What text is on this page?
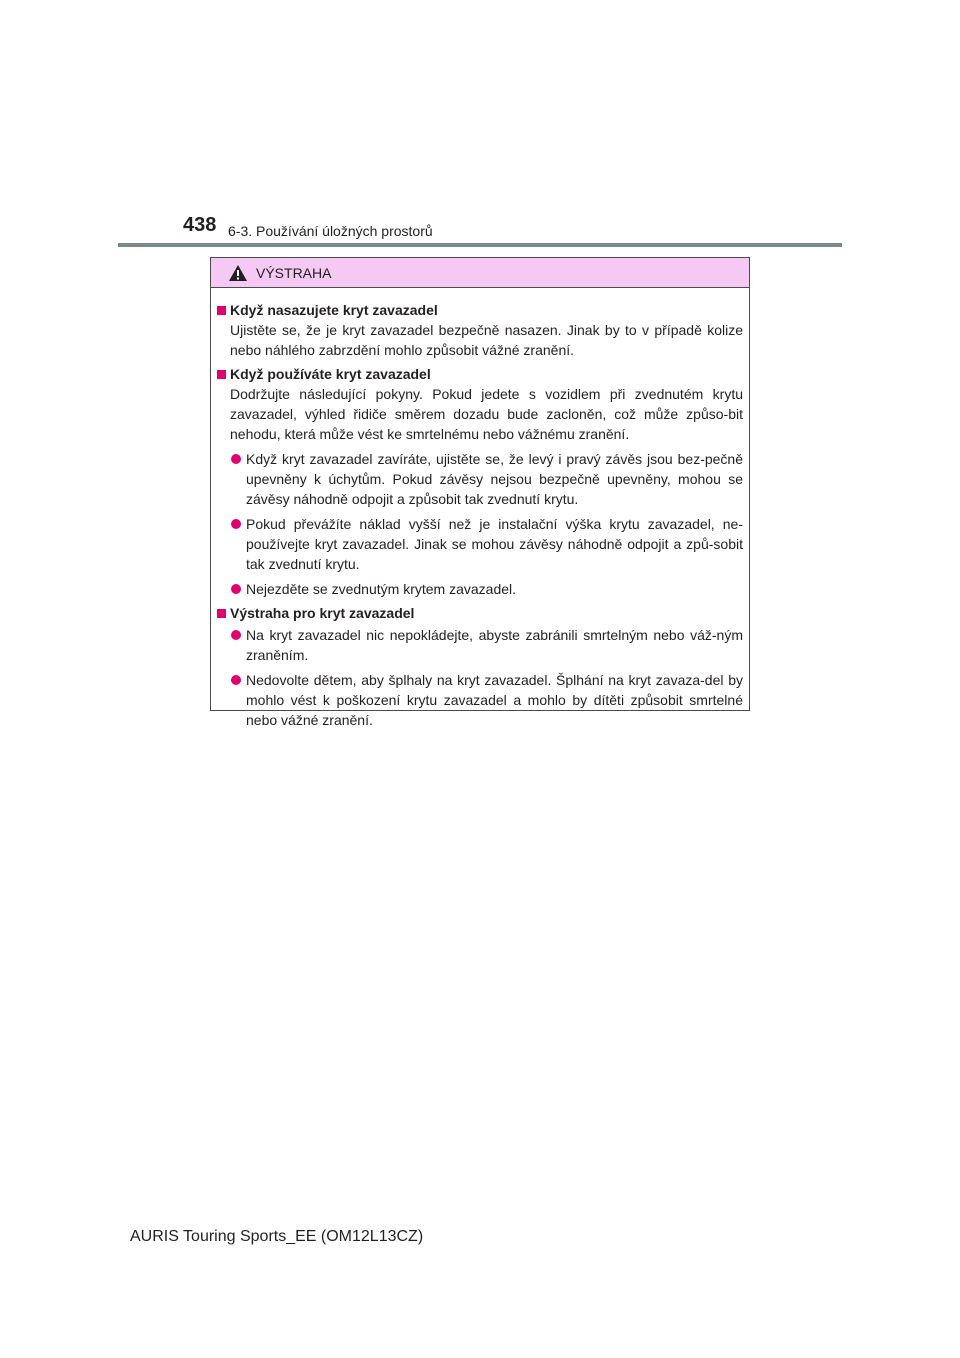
438 6-3. Používání úložných prostorů
VÝSTRAHA
Když nasazujete kryt zavazadel
Ujistěte se, že je kryt zavazadel bezpečně nasazen. Jinak by to v případě kolize nebo náhlého zabrzdění mohlo způsobit vážné zranění.
Když používáte kryt zavazadel
Dodržujte následující pokyny. Pokud jedete s vozidlem při zvednutém krytu zavazadel, výhled řidiče směrem dozadu bude zacloněn, což může způso-bit nehodu, která může vést ke smrtelnému nebo vážnému zranění.
Když kryt zavazadel zavíráte, ujistěte se, že levý i pravý závěs jsou bez-pečně upevněny k úchytům. Pokud závěsy nejsou bezpečně upevněny, mohou se závěsy náhodně odpojit a způsobit tak zvednutí krytu.
Pokud převážíte náklad vyšší než je instalační výška krytu zavazadel, ne-používejte kryt zavazadel. Jinak se mohou závěsy náhodně odpojit a způ-sobit tak zvednutí krytu.
Nejezděte se zvednutým krytem zavazadel.
Výstraha pro kryt zavazadel
Na kryt zavazadel nic nepokládejte, abyste zabránili smrtelným nebo váž-ným zraněním.
Nedovolte dětem, aby šplhaly na kryt zavazadel. Šplhání na kryt zavaza-del by mohlo vést k poškození krytu zavazadel a mohlo by dítěti způsobit smrtelné nebo vážné zranění.
AURIS Touring Sports_EE (OM12L13CZ)
